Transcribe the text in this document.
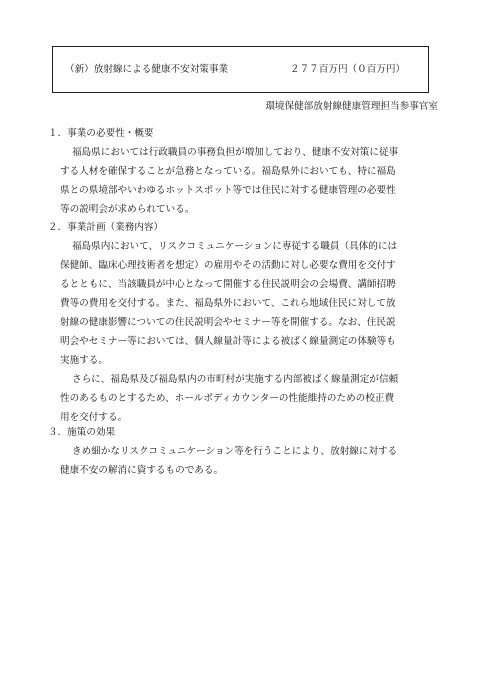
（新）放射線による健康不安対策事業	２７７百万円（０百万円）
環境保健部放射線健康管理担当参事官室
１．事業の必要性・概要

福島県においては行政職員の事務負担が増加しており、健康不安対策に従事
する人材を確保することが急務となっている。福島県外においても、特に福島
県との県境部やいわゆるホットスポット等では住民に対する健康管理の必要性
等の説明会が求められている。

２．事業計画（業務内容）

福島県内において、リスクコミュニケーションに専従する職員（具体的には
保健師、臨床心理技術者を想定）の雇用やその活動に対し必要な費用を交付す
るとともに、当該職員が中心となって開催する住民説明会の会場費、講師招聘
費等の費用を交付する。また、福島県外において、これら地域住民に対して放
射線の健康影響についての住民説明会やセミナー等を開催する。なお、住民説
明会やセミナー等においては、個人線量計等による被ばく線量測定の体験等も
実施する。

さらに、福島県及び福島県内の市町村が実施する内部被ばく線量測定が信頼
性のあるものとするため、ホールボディカウンターの性能維持のための校正費
用を交付する。

３．施策の効果

きめ細かなリスクコミュニケーション等を行うことにより、放射線に対する
健康不安の解消に資するものである。
